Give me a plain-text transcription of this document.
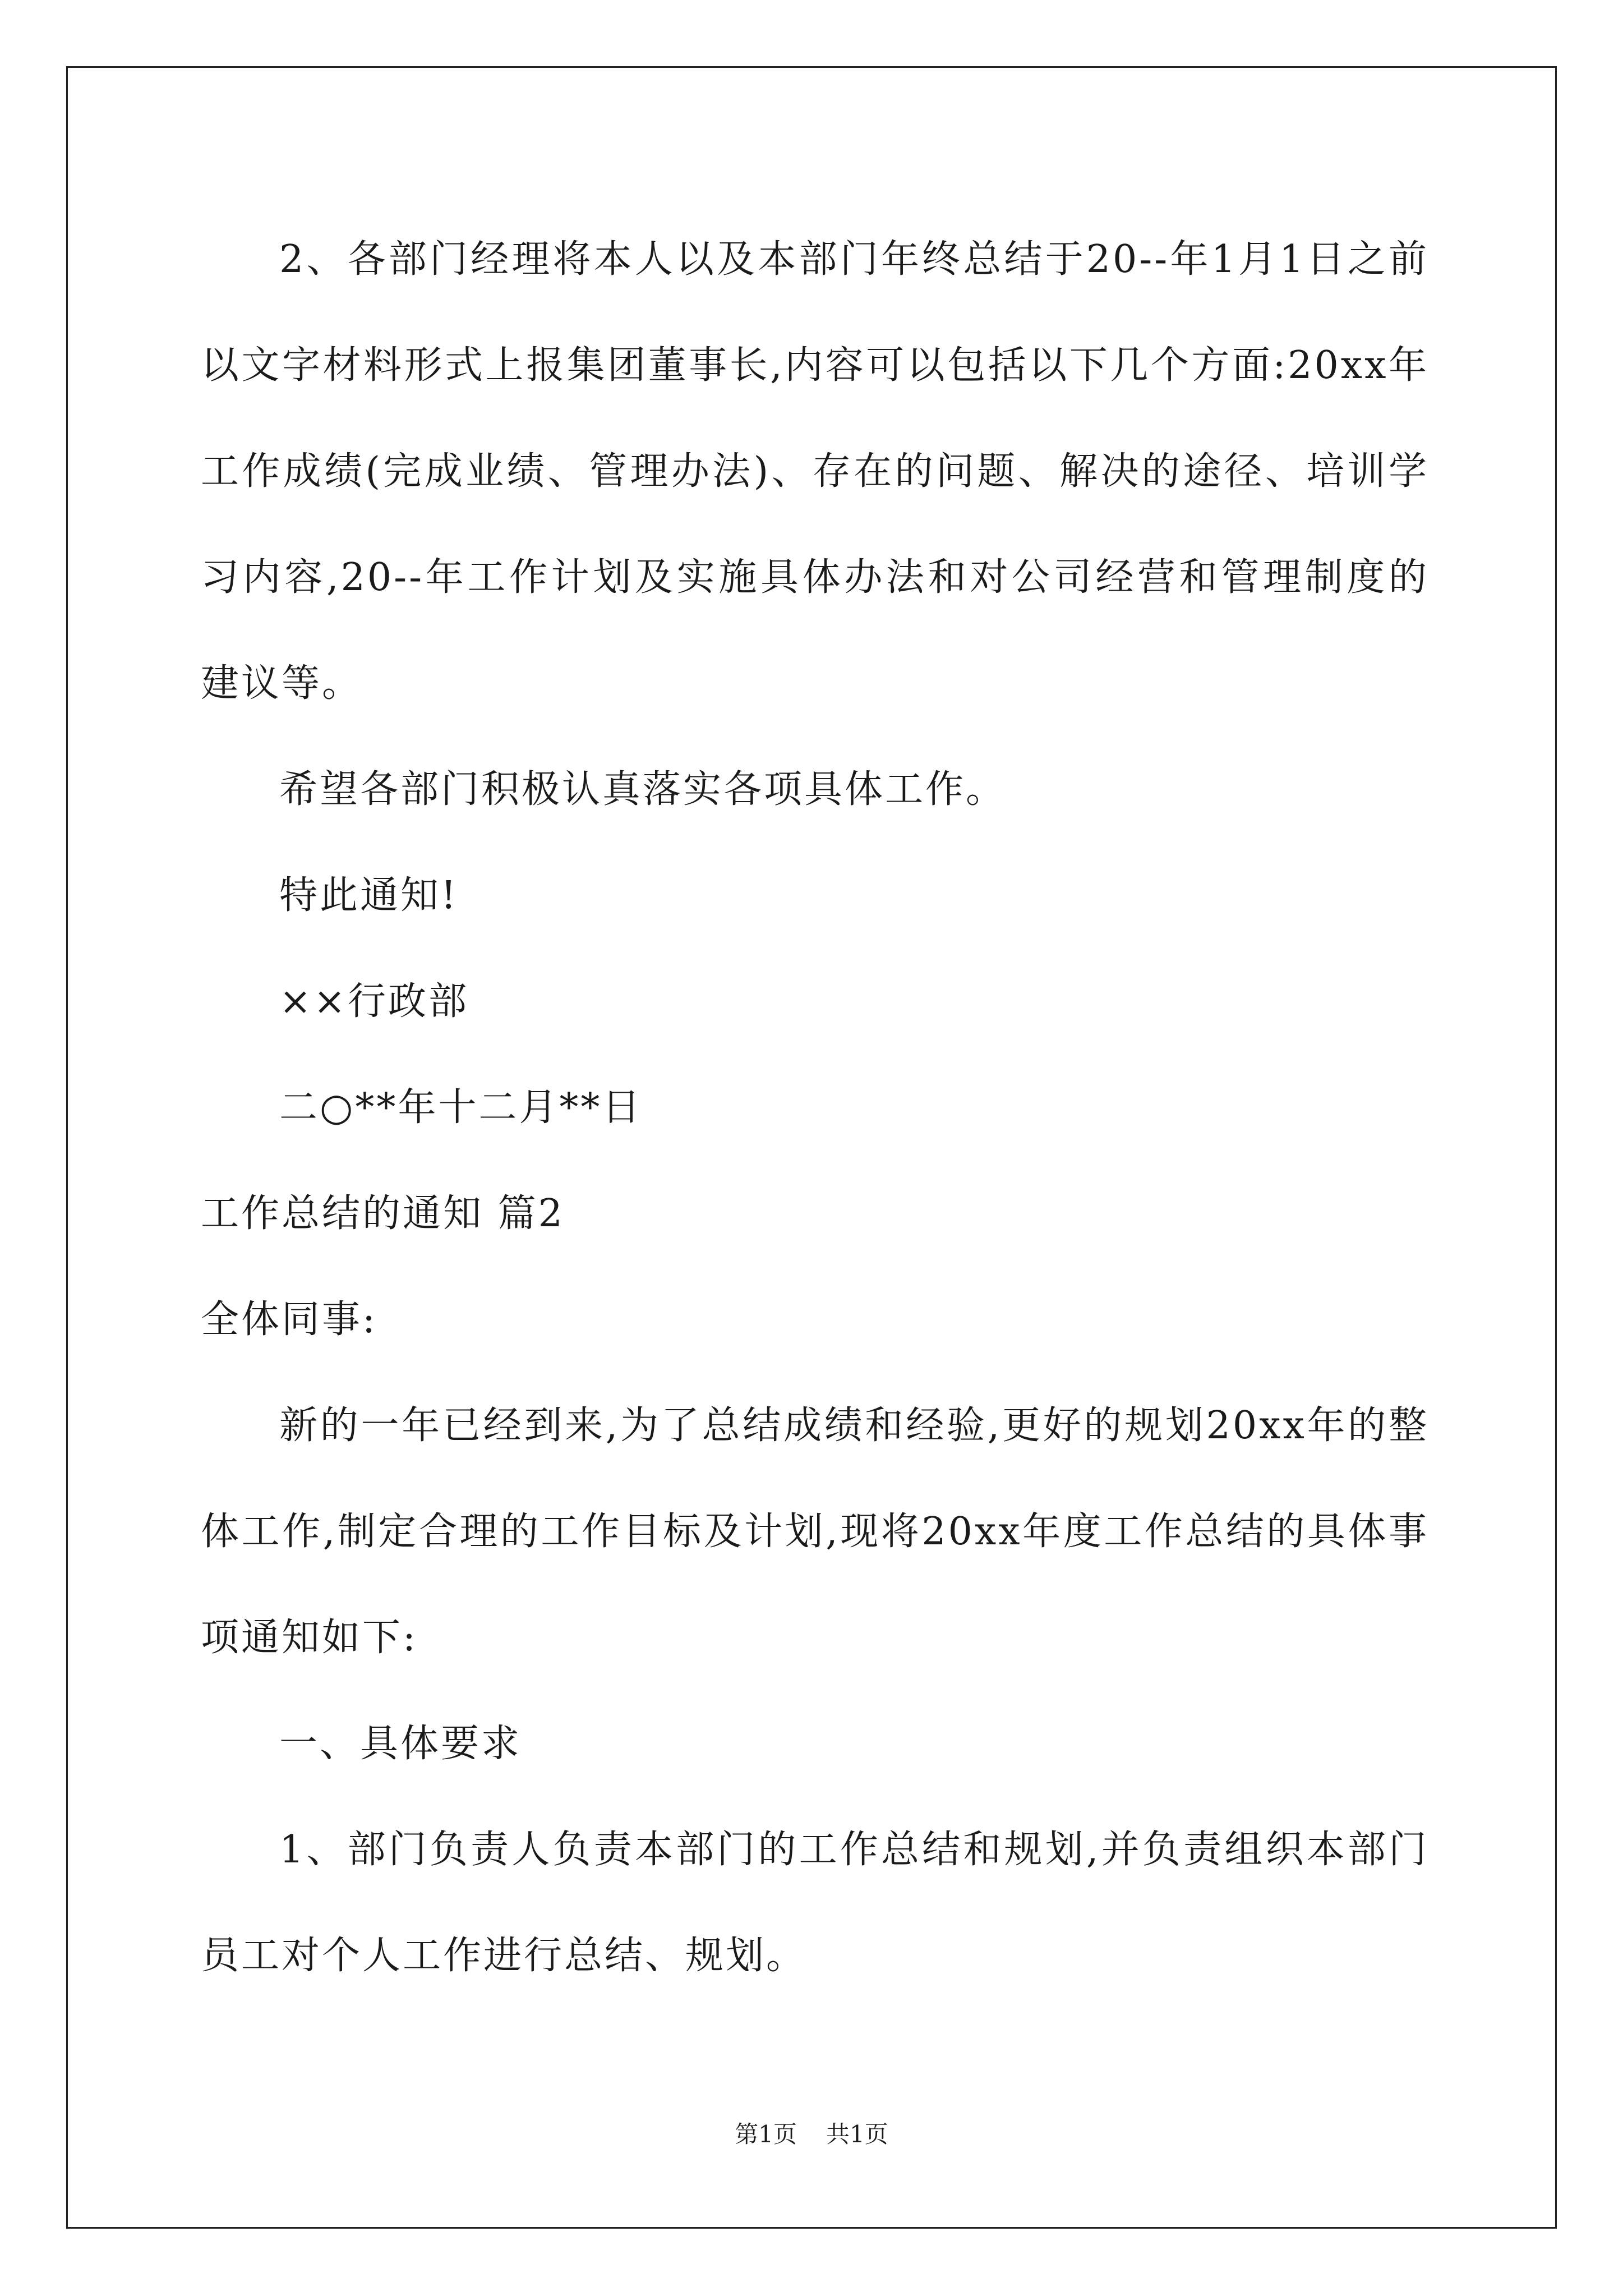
2、各部门经理将本人以及本部门年终总结于20--年1月1日之前以文字材料形式上报集团董事长,内容可以包括以下几个方面:20xx年工作成绩(完成业绩、管理办法)、存在的问题、解决的途径、培训学习内容,20--年工作计划及实施具体办法和对公司经营和管理制度的建议等。

希望各部门积极认真落实各项具体工作。

特此通知!

××行政部

二○**年十二月**日

工作总结的通知 篇2

全体同事:

新的一年已经到来,为了总结成绩和经验,更好的规划20xx年的整体工作,制定合理的工作目标及计划,现将20xx年度工作总结的具体事项通知如下:

一、具体要求

1、部门负责人负责本部门的工作总结和规划,并负责组织本部门员工对个人工作进行总结、规划。

第1页 共1页
